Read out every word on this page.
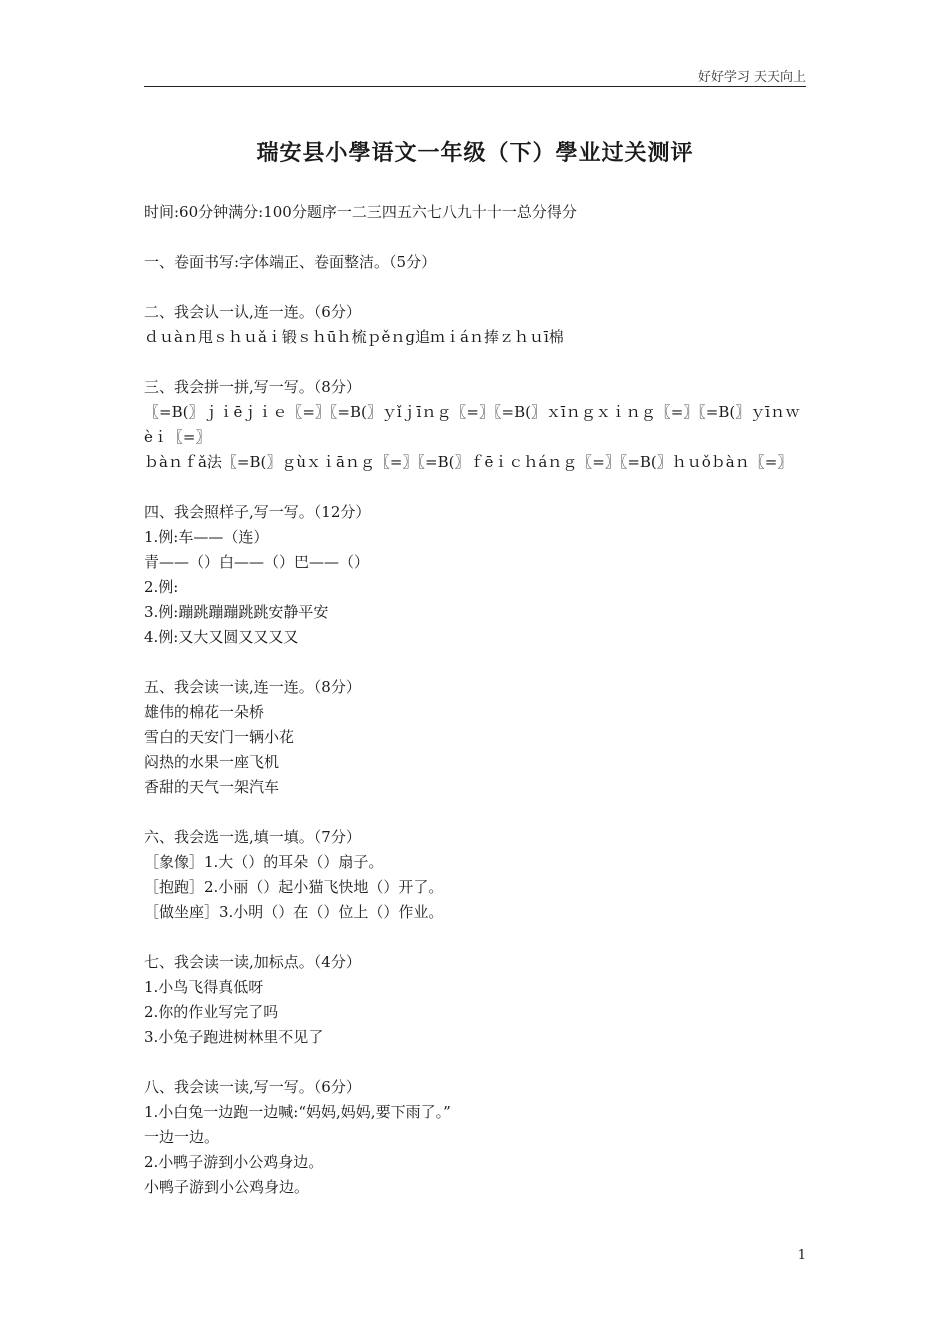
好好学习 天天向上
瑞安县小學语文一年级（下）學业过关测评
时间:60分钟满分:100分题序一二三四五六七八九十十一总分得分
一、卷面书写:字体端正、卷面整洁。（5分）
二、我会认一认,连一连。（6分）
ｄｕàｎ甩ｓｈｕǎｉ锻ｓｈūｈ梳ｐěｎɡ追ｍｉáｎ捧ｚｈｕī棉
三、我会拼一拼,写一写。（8分）
〖=B(〗ｊｉēｊｉｅ〖=〗〖=B(〗ｙǐｊīｎｇ〖=〗〖=B(〗ｘīｎｇｘｉｎｇ〖=〗〖=B(〗ｙīｎｗèｉ〖=〗
ｂàｎｆǎ法〖=B(〗ｇùｘｉāｎｇ〖=〗〖=B(〗ｆēｉｃｈáｎｇ〖=〗〖=B(〗ｈｕǒｂàｎ〖=〗
四、我会照样子,写一写。（12分）
1.例:车——（连）
青——（）白——（）巴——（）
2.例:
3.例:蹦跳蹦蹦跳跳安静平安
4.例:又大又圆又又又又
五、我会读一读,连一连。（8分）
雄伟的棉花一朵桥
雪白的天安门一辆小花
闷热的水果一座飞机
香甜的天气一架汽车
六、我会选一选,填一填。（7分）
［象像］1.大（）的耳朵（）扇子。
［抱跑］2.小丽（）起小猫飞快地（）开了。
［做坐座］3.小明（）在（）位上（）作业。
七、我会读一读,加标点。（4分）
1.小鸟飞得真低呀
2.你的作业写完了吗
3.小兔子跑进树林里不见了
八、我会读一读,写一写。（6分）
1.小白兔一边跑一边喊:“妈妈,妈妈,要下雨了。”
一边一边。
2.小鸭子游到小公鸡身边。
小鸭子游到小公鸡身边。
1
